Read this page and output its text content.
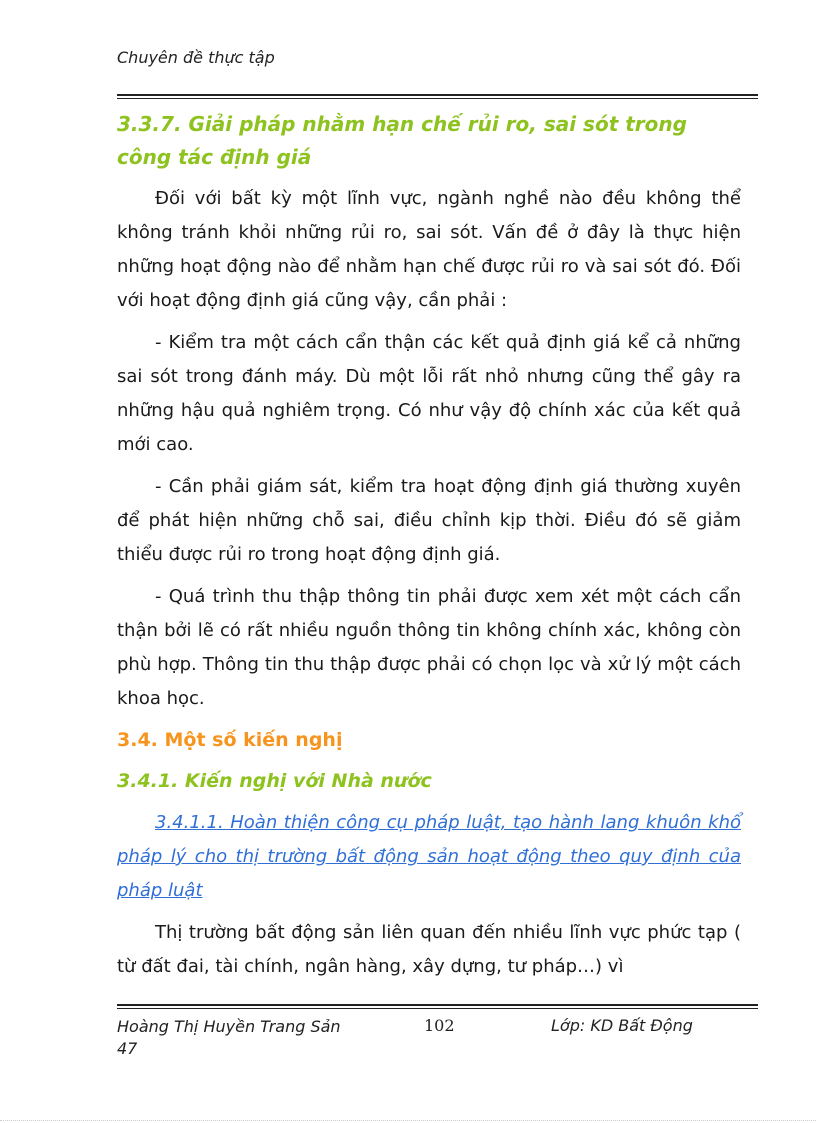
Chuyên đề thực tập

3.3.7. Giải pháp nhằm hạn chế rủi ro, sai sót trong công tác định giá

Đối với bất kỳ một lĩnh vực, ngành nghề nào đều không thể không tránh khỏi những rủi ro, sai sót. Vấn đề ở đây là thực hiện những hoạt động nào để nhằm hạn chế được rủi ro và sai sót đó. Đối với hoạt động định giá cũng vậy, cần phải :

- Kiểm tra một cách cẩn thận các kết quả định giá kể cả những sai sót trong đánh máy. Dù một lỗi rất nhỏ nhưng cũng thể gây ra những hậu quả nghiêm trọng. Có như vậy độ chính xác của kết quả mới cao.

- Cần phải giám sát, kiểm tra hoạt động định giá thường xuyên để phát hiện những chỗ sai, điều chỉnh kịp thời. Điều đó sẽ giảm thiểu được rủi ro trong hoạt động định giá.

- Quá trình thu thập thông tin phải được xem xét một cách cẩn thận bởi lẽ có rất nhiều nguồn thông tin không chính xác, không còn phù hợp. Thông tin thu thập được phải có chọn lọc và xử lý một cách khoa học.

3.4. Một số kiến nghị

3.4.1. Kiến nghị với Nhà nước

3.4.1.1. Hoàn thiện công cụ pháp luật, tạo hành lang khuôn khổ pháp lý cho thị trường bất động sản hoạt động theo quy định của pháp luật

Thị trường bất động sản liên quan đến nhiều lĩnh vực phức tạp ( từ đất đai, tài chính, ngân hàng, xây dựng, tư pháp…) vì

Hoàng Thị Huyền Trang Sản 47
102	Lớp: KD Bất Động
